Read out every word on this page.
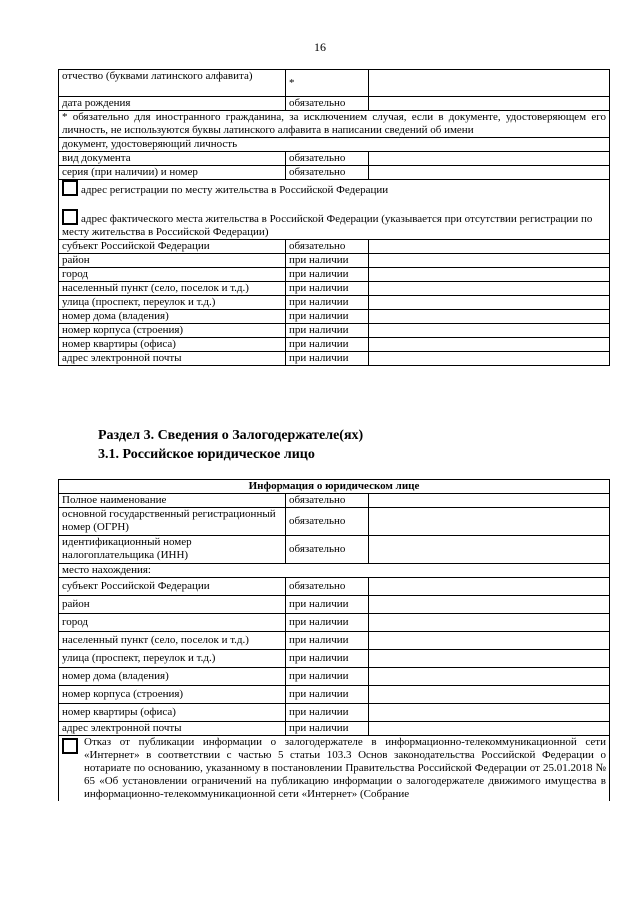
16
отчество (буквами латинского алфавита)	*	
дата рождения	обязательно	
* обязательно для иностранного гражданина, за исключением случая, если в документе, удостоверяющем его личность, не используются буквы латинского алфавита в написании сведений об имени		
документ, удостоверяющий личность		
вид документа	обязательно	
серия (при наличии) и номер	обязательно	

адрес регистрации по месту жительства в Российской Федерации
адрес фактического места жительства в Российской Федерации (указывается при отсутствии регистрации по месту жительства в Российской Федерации)		

субъект Российской Федерации	обязательно	
район	при наличии	
город	при наличии	
населенный пункт (село, поселок и т.д.)	при наличии	
улица (проспект, переулок и т.д.)	при наличии	
номер дома (владения)	при наличии	
номер корпуса (строения)	при наличии	
номер квартиры (офиса)	при наличии	
адрес электронной почты	при наличии	
Раздел 3. Сведения о Залогодержателе(ях)
3.1. Российское юридическое лицо
Информация о юридическом лице		
Полное наименование	обязательно	
основной государственный регистрационный номер (ОГРН)	обязательно	
идентификационный номер налогоплательщика (ИНН)	обязательно	
место нахождения:		
субъект Российской Федерации	обязательно	
район	при наличии	
город	при наличии	
населенный пункт (село, поселок и т.д.)	при наличии	
улица (проспект, переулок и т.д.)	при наличии	
номер дома (владения)	при наличии	
номер корпуса (строения)	при наличии	
номер квартиры (офиса)	при наличии	
адрес электронной почты	при наличии	

Отказ от публикации информации о залогодержателе в информационно-телекоммуникационной сети «Интернет» в соответствии с частью 5 статьи 103.3 Основ законодательства Российской Федерации о нотариате по основанию, указанному в постановлении Правительства Российской Федерации от 25.01.2018 № 65 «Об установлении ограничений на публикацию информации о залогодержателе движимого имущества в информационно-телекоммуникационной сети «Интернет» (Собрание		
